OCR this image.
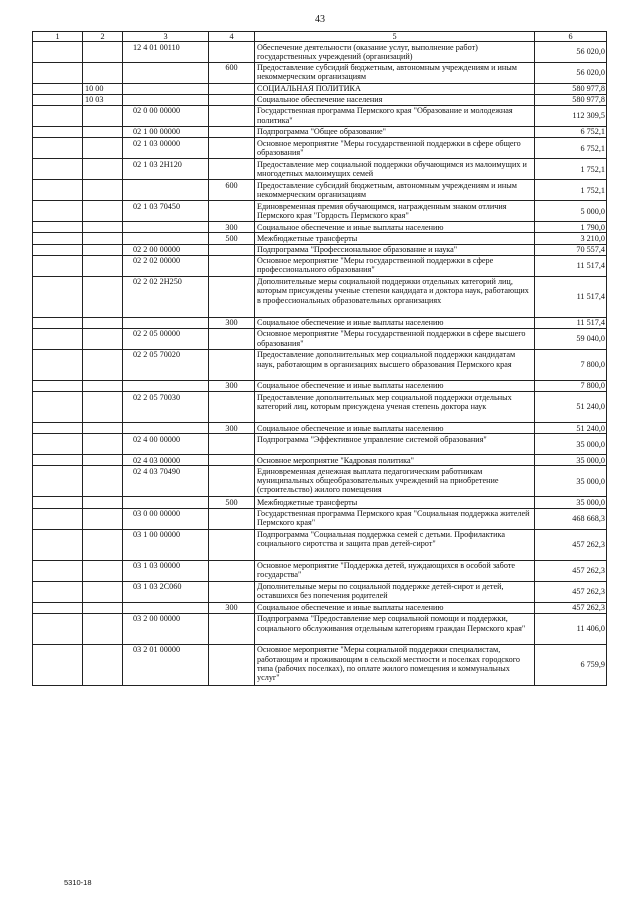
43
1	2	3	4	5	6
		12 4 01 00110		Обеспечение деятельности (оказание услуг, выполнение работ) государственных учреждений (организаций)	56 020,0
			600	Предоставление субсидий бюджетным, автономным учреждениям и иным некоммерческим организациям	56 020,0
	10 00			СОЦИАЛЬНАЯ ПОЛИТИКА	580 977,8
	10 03			Социальное обеспечение населения	580 977,8
		02 0 00 00000		Государственная программа Пермского края "Образование и молодежная политика"	112 309,5
		02 1 00 00000		Подпрограмма "Общее образование"	6 752,1
		02 1 03 00000		Основное мероприятие "Меры государственной поддержки в сфере общего образования"	6 752,1
		02 1 03 2Н120		Предоставление мер социальной поддержки обучающимся из малоимущих и многодетных малоимущих семей	1 752,1
			600	Предоставление субсидий бюджетным, автономным учреждениям и иным некоммерческим организациям	1 752,1
		02 1 03 70450		Единовременная премия обучающимся, награжденным знаком отличия Пермского края "Гордость Пермского края"	5 000,0
			300	Социальное обеспечение и иные выплаты населению	1 790,0
			500	Межбюджетные трансферты	3 210,0
		02 2 00 00000		Подпрограмма "Профессиональное образование и наука"	70 557,4
		02 2 02 00000		Основное мероприятие "Меры государственной поддержки в сфере профессионального образования"	11 517,4
		02 2 02 2Н250		Дополнительные меры социальной поддержки отдельных категорий лиц, которым присуждены ученые степени кандидата и доктора наук, работающих в профессиональных образовательных организациях	11 517,4
			300	Социальное обеспечение и иные выплаты населению	11 517,4
		02 2 05 00000		Основное мероприятие "Меры государственной поддержки в сфере высшего образования"	59 040,0
		02 2 05 70020		Предоставление дополнительных мер социальной поддержки кандидатам наук, работающим в организациях высшего образования Пермского края	7 800,0
			300	Социальное обеспечение и иные выплаты населению	7 800,0
		02 2 05 70030		Предоставление дополнительных мер социальной поддержки отдельных категорий лиц, которым присуждена ученая степень доктора наук	51 240,0
			300	Социальное обеспечение и иные выплаты населению	51 240,0
		02 4 00 00000		Подпрограмма "Эффективное управление системой образования"	35 000,0
		02 4 03 00000		Основное мероприятие "Кадровая политика"	35 000,0
		02 4 03 70490		Единовременная денежная выплата педагогическим работникам муниципальных общеобразовательных учреждений на приобретение (строительство) жилого помещения	35 000,0
			500	Межбюджетные трансферты	35 000,0
		03 0 00 00000		Государственная программа Пермского края "Социальная поддержка жителей Пермского края"	468 668,3
		03 1 00 00000		Подпрограмма "Социальная поддержка семей с детьми. Профилактика социального сиротства и защита прав детей-сирот"	457 262,3
		03 1 03 00000		Основное мероприятие "Поддержка детей, нуждающихся в особой заботе государства"	457 262,3
		03 1 03 2С060		Дополнительные меры по социальной поддержке детей-сирот и детей, оставшихся без попечения родителей	457 262,3
			300	Социальное обеспечение и иные выплаты населению	457 262,3
		03 2 00 00000		Подпрограмма "Предоставление мер социальной помощи и поддержки, социального обслуживания отдельным категориям граждан Пермского края"	11 406,0
		03 2 01 00000		Основное мероприятие "Меры социальной поддержки специалистам, работающим и проживающим в сельской местности и поселках городского типа (рабочих поселках), по оплате жилого помещения и коммунальных услуг"	6 759,9
5310-18
